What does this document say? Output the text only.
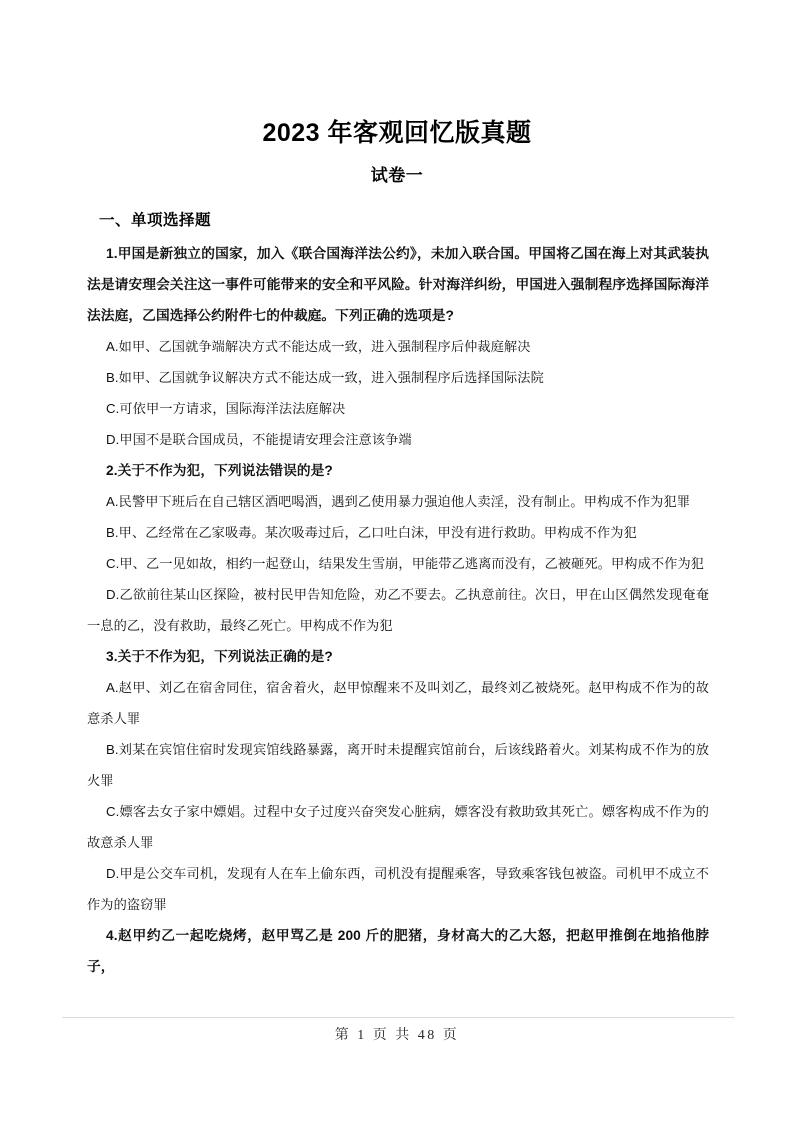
2023 年客观回忆版真题
试卷一
一、单项选择题

1.甲国是新独立的国家，加入《联合国海洋法公约》，未加入联合国。甲国将乙国在海上对其武装执法是请安理会关注这一事件可能带来的安全和平风险。针对海洋纠纷，甲国进入强制程序选择国际海洋法法庭，乙国选择公约附件七的仲裁庭。下列正确的选项是?

A.如甲、乙国就争端解决方式不能达成一致，进入强制程序后仲裁庭解决

B.如甲、乙国就争议解决方式不能达成一致，进入强制程序后选择国际法院

C.可依甲一方请求，国际海洋法法庭解决

D.甲国不是联合国成员，不能提请安理会注意该争端

2.关于不作为犯，下列说法错误的是?

A.民警甲下班后在自己辖区酒吧喝酒，遇到乙使用暴力强迫他人卖淫，没有制止。甲构成不作为犯罪

B.甲、乙经常在乙家吸毒。某次吸毒过后，乙口吐白沫，甲没有进行救助。甲构成不作为犯

C.甲、乙一见如故，相约一起登山，结果发生雪崩，甲能带乙逃离而没有，乙被砸死。甲构成不作为犯

D.乙欲前往某山区探险，被村民甲告知危险，劝乙不要去。乙执意前往。次日，甲在山区偶然发现奄奄一息的乙，没有救助，最终乙死亡。甲构成不作为犯

3.关于不作为犯，下列说法正确的是?

A.赵甲、刘乙在宿舍同住，宿舍着火，赵甲惊醒来不及叫刘乙，最终刘乙被烧死。赵甲构成不作为的故意杀人罪

B.刘某在宾馆住宿时发现宾馆线路暴露，离开时未提醒宾馆前台，后该线路着火。刘某构成不作为的放火罪

C.嫖客去女子家中嫖娼。过程中女子过度兴奋突发心脏病，嫖客没有救助致其死亡。嫖客构成不作为的故意杀人罪

D.甲是公交车司机，发现有人在车上偷东西，司机没有提醒乘客，导致乘客钱包被盗。司机甲不成立不作为的盗窃罪

4.赵甲约乙一起吃烧烤，赵甲骂乙是 200 斤的肥猪，身材高大的乙大怒，把赵甲推倒在地掐他脖子，

第 1 页 共 48 页
